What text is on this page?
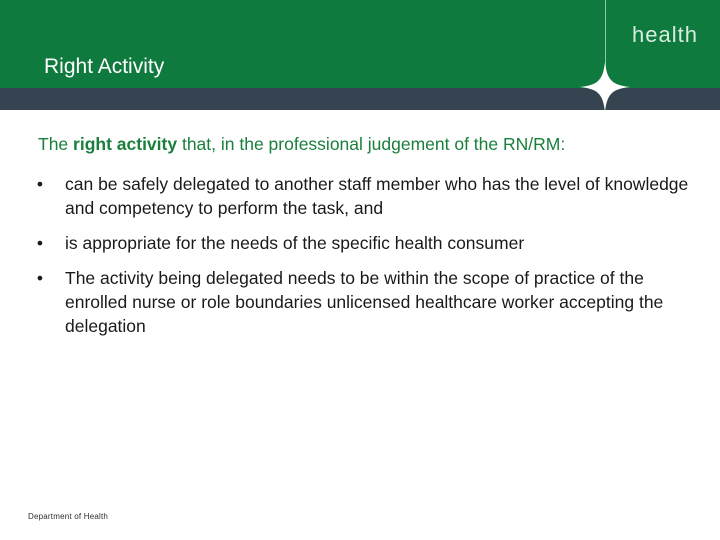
health
Right Activity
The right activity that, in the professional judgement of the RN/RM:
•	can be safely delegated to another staff member who has the level of knowledge and competency to perform the task, and
•	is appropriate for the needs of the specific health consumer
•	The activity being delegated needs to be within the scope of practice of the enrolled nurse or role boundaries unlicensed healthcare worker accepting the delegation
Department of Health
